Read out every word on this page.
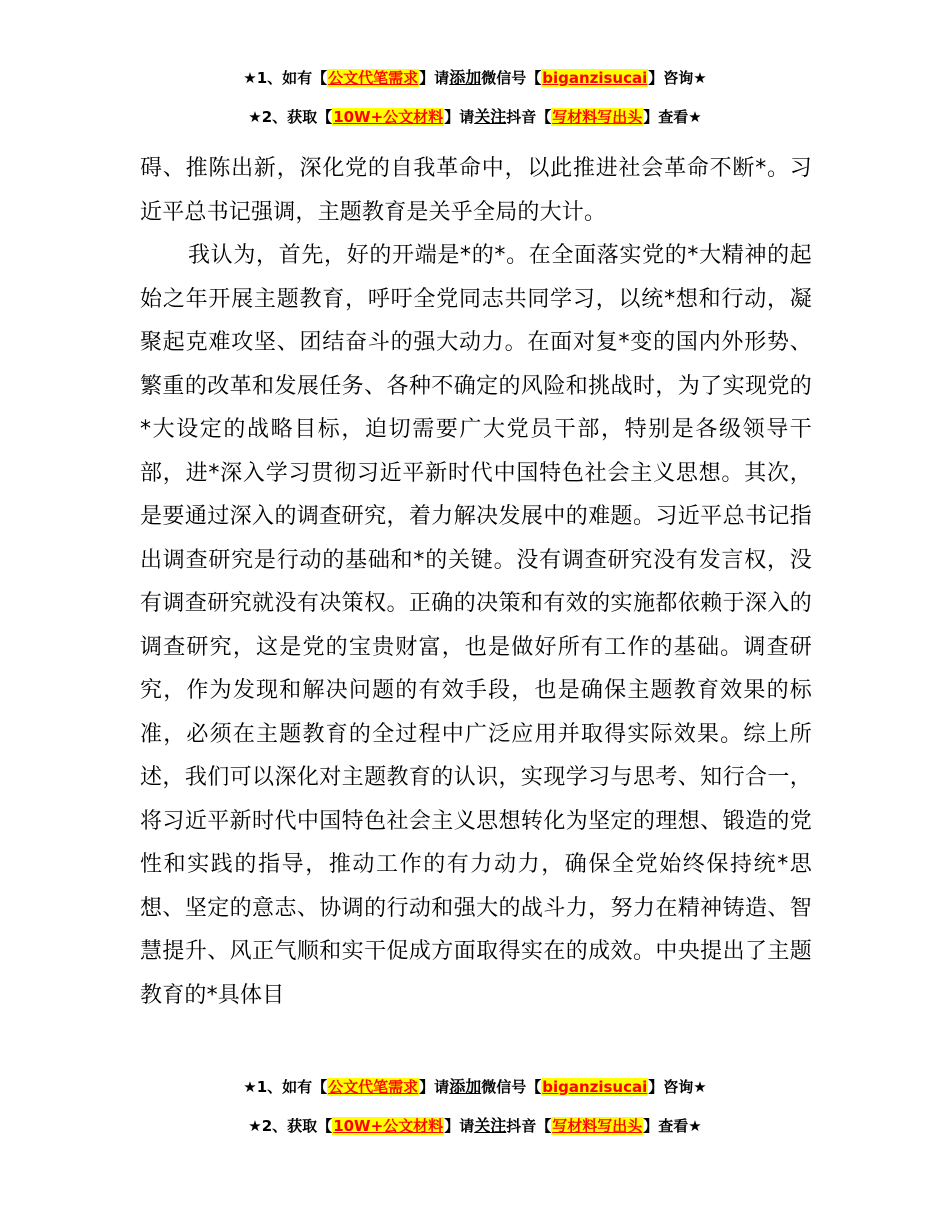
★1、如有【公文代笔需求】请添加微信号【biganzisucai】咨询★
★2、获取【10W+公文材料】请关注抖音【写材料写出头】查看★

碍、推陈出新，深化党的自我革命中，以此推进社会革命不断*。习近平总书记强调，主题教育是关乎全局的大计。

我认为，首先，好的开端是*的*。在全面落实党的*大精神的起始之年开展主题教育，呼吁全党同志共同学习，以统*想和行动，凝聚起克难攻坚、团结奋斗的强大动力。在面对复*变的国内外形势、繁重的改革和发展任务、各种不确定的风险和挑战时，为了实现党的*大设定的战略目标，迫切需要广大党员干部，特别是各级领导干部，进*深入学习贯彻习近平新时代中国特色社会主义思想。其次，是要通过深入的调查研究，着力解决发展中的难题。习近平总书记指出调查研究是行动的基础和*的关键。没有调查研究没有发言权，没有调查研究就没有决策权。正确的决策和有效的实施都依赖于深入的调查研究，这是党的宝贵财富，也是做好所有工作的基础。调查研究，作为发现和解决问题的有效手段，也是确保主题教育效果的标准，必须在主题教育的全过程中广泛应用并取得实际效果。综上所述，我们可以深化对主题教育的认识，实现学习与思考、知行合一，将习近平新时代中国特色社会主义思想转化为坚定的理想、锻造的党性和实践的指导，推动工作的有力动力，确保全党始终保持统*思想、坚定的意志、协调的行动和强大的战斗力，努力在精神铸造、智慧提升、风正气顺和实干促成方面取得实在的成效。中央提出了主题教育的*具体目

★1、如有【公文代笔需求】请添加微信号【biganzisucai】咨询★
★2、获取【10W+公文材料】请关注抖音【写材料写出头】查看★
